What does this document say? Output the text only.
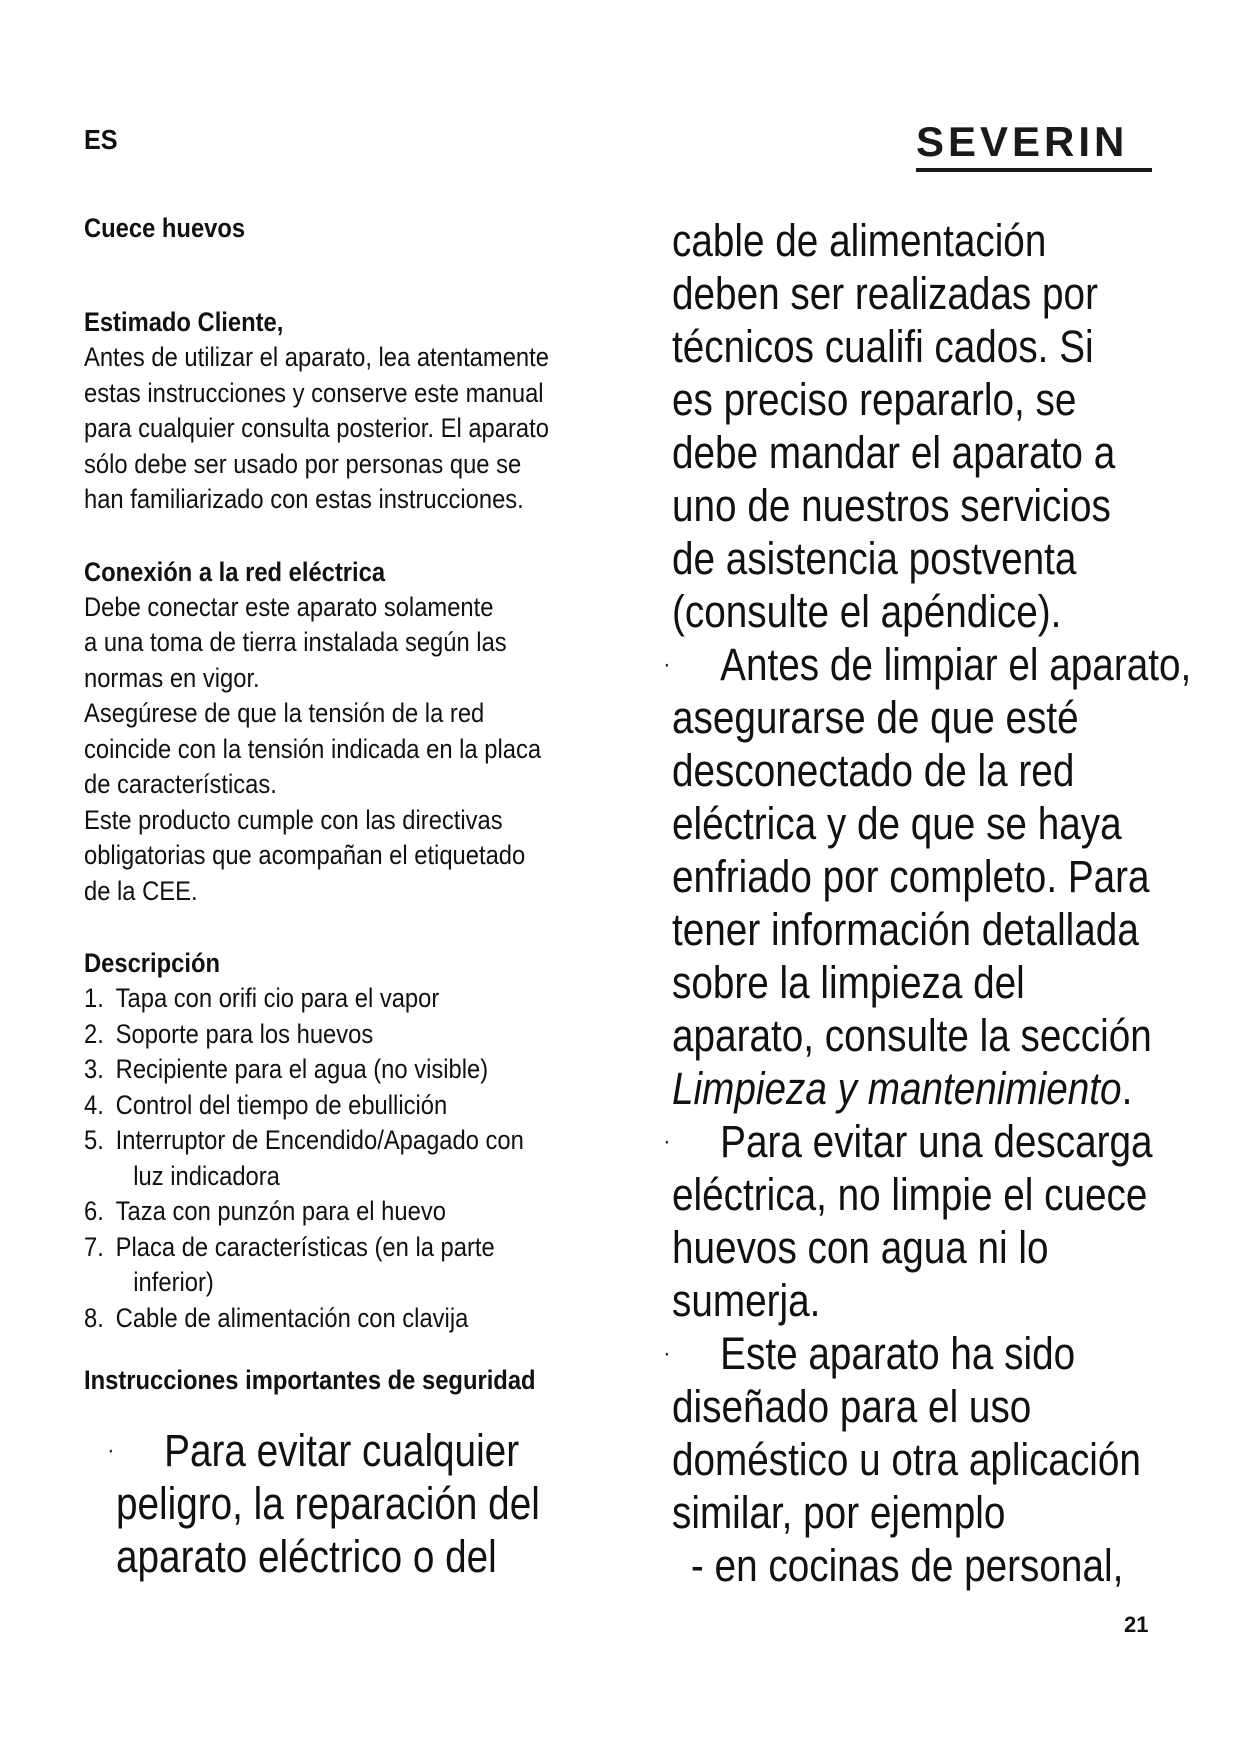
ES	SEVERIN
Cuece huevos
Estimado Cliente,

Antes de utilizar el aparato, lea atentamente

estas instrucciones y conserve este manual

para cualquier consulta posterior. El aparato

sólo debe ser usado por personas que se

han familiarizado con estas instrucciones.

Conexión a la red eléctrica

Debe conectar este aparato solamente

a una toma de tierra instalada según las

normas en vigor.

Asegúrese de que la tensión de la red

coincide con la tensión indicada en la placa

de características.

Este producto cumple con las directivas

obligatorias que acompañan el etiquetado

de la CEE.

Descripción
1. Tapa con orifi cio para el vapor
2. Soporte para los huevos
3. Recipiente para el agua (no visible)
4. Control del tiempo de ebullición
5. Interruptor de Encendido/Apagado con
luz indicadora
6. Taza con punzón para el huevo
7. Placa de características (en la parte
inferior)
8. Cable de alimentación con clavija
Instrucciones importantes de seguridad
· Para evitar cualquier
peligro, la reparación del
aparato eléctrico o del
cable de alimentación
deben ser realizadas por
técnicos cualifi cados. Si
es preciso repararlo, se
debe mandar el aparato a
uno de nuestros servicios
de asistencia postventa
(consulte el apéndice).
· Antes de limpiar el aparato,
asegurarse de que esté
desconectado de la red
eléctrica y de que se haya
enfriado por completo. Para
tener información detallada
sobre la limpieza del
aparato, consulte la sección
Limpieza y mantenimiento.
· Para evitar una descarga
eléctrica, no limpie el cuece
huevos con agua ni lo
sumerja.
· Este aparato ha sido
diseñado para el uso
doméstico u otra aplicación
similar, por ejemplo
- en cocinas de personal,
21
